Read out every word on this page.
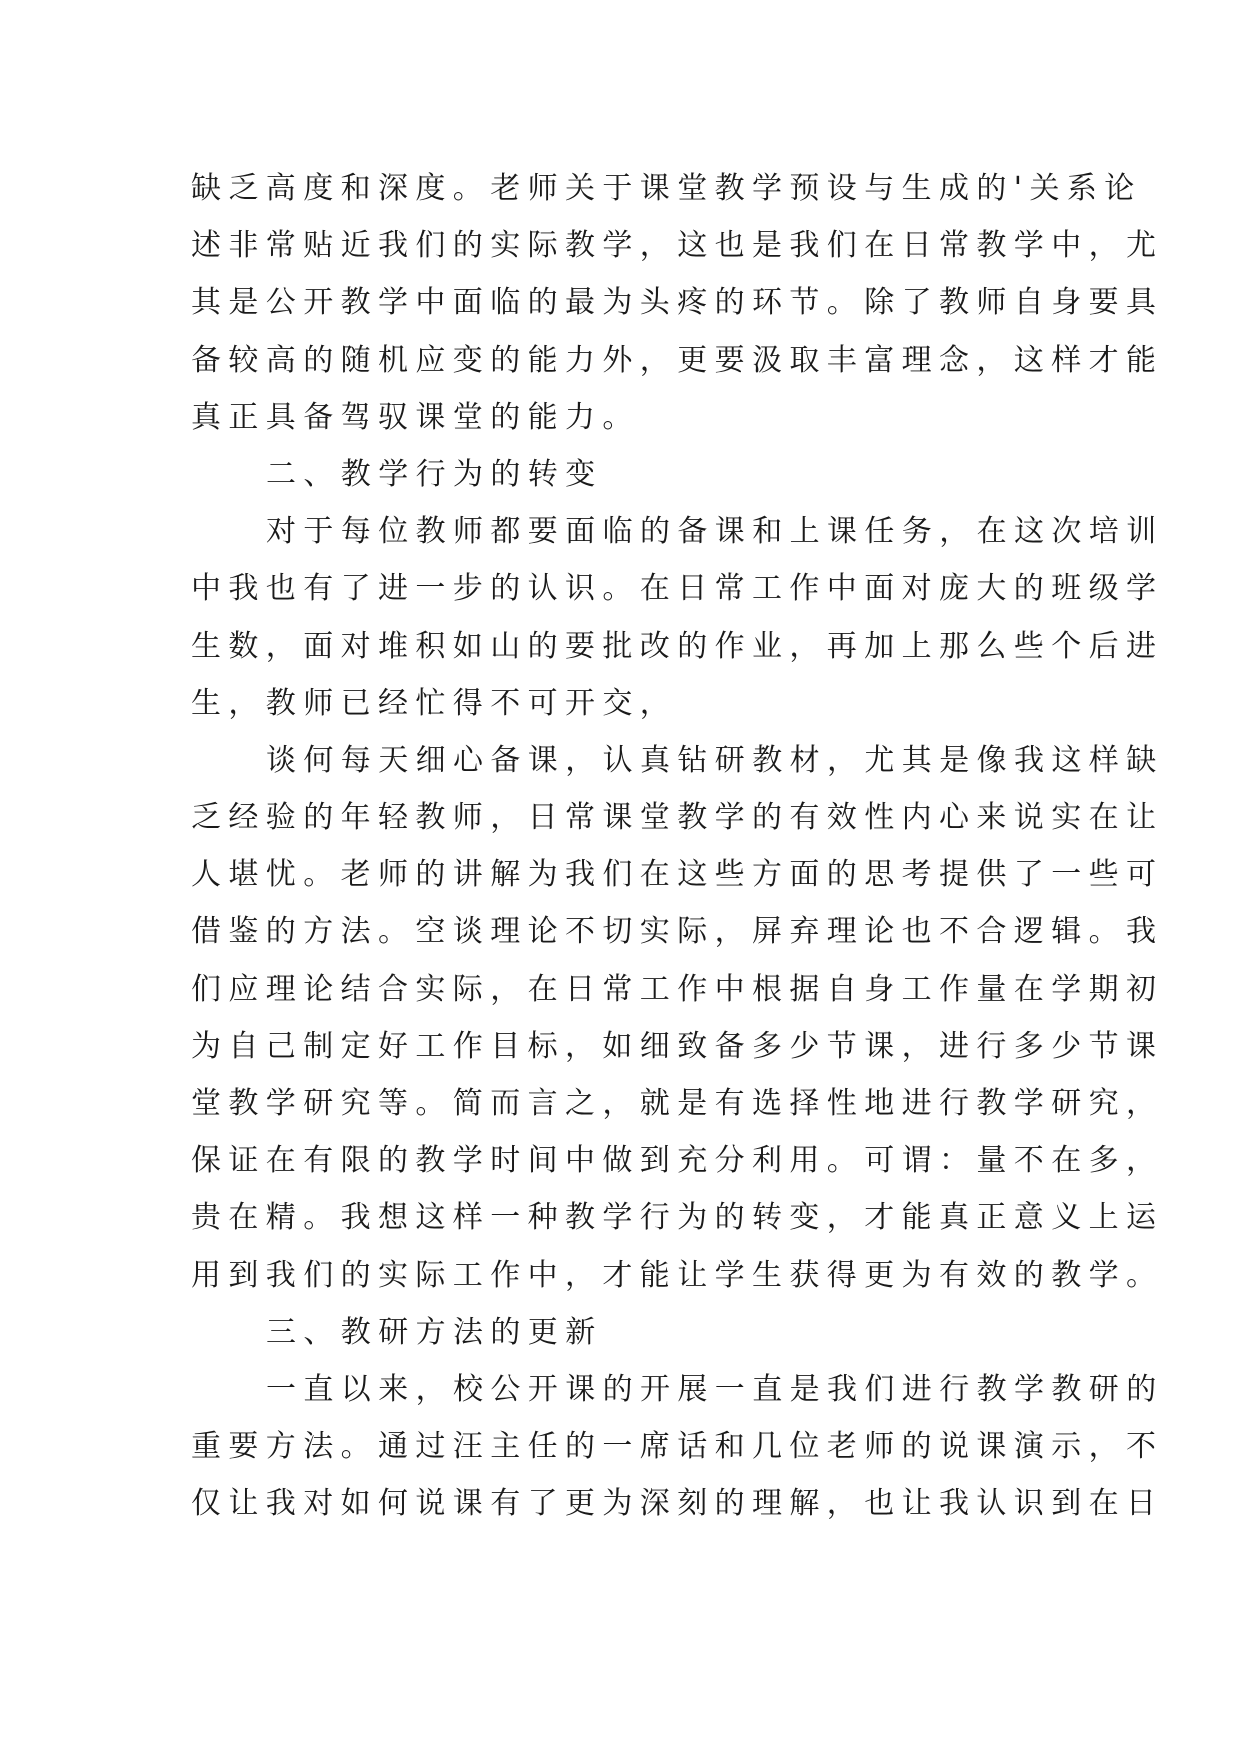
缺乏高度和深度。老师关于课堂教学预设与生成的'关系论
述非常贴近我们的实际教学，这也是我们在日常教学中，尤
其是公开教学中面临的最为头疼的环节。除了教师自身要具
备较高的随机应变的能力外，更要汲取丰富理念，这样才能
真正具备驾驭课堂的能力。
二、教学行为的转变
对于每位教师都要面临的备课和上课任务，在这次培训
中我也有了进一步的认识。在日常工作中面对庞大的班级学
生数，面对堆积如山的要批改的作业，再加上那么些个后进
生，教师已经忙得不可开交，
谈何每天细心备课，认真钻研教材，尤其是像我这样缺
乏经验的年轻教师，日常课堂教学的有效性内心来说实在让
人堪忧。老师的讲解为我们在这些方面的思考提供了一些可
借鉴的方法。空谈理论不切实际，屏弃理论也不合逻辑。我
们应理论结合实际，在日常工作中根据自身工作量在学期初
为自己制定好工作目标，如细致备多少节课，进行多少节课
堂教学研究等。简而言之，就是有选择性地进行教学研究，
保证在有限的教学时间中做到充分利用。可谓：量不在多，
贵在精。我想这样一种教学行为的转变，才能真正意义上运
用到我们的实际工作中，才能让学生获得更为有效的教学。
三、教研方法的更新
一直以来，校公开课的开展一直是我们进行教学教研的
重要方法。通过汪主任的一席话和几位老师的说课演示，不
仅让我对如何说课有了更为深刻的理解，也让我认识到在日
